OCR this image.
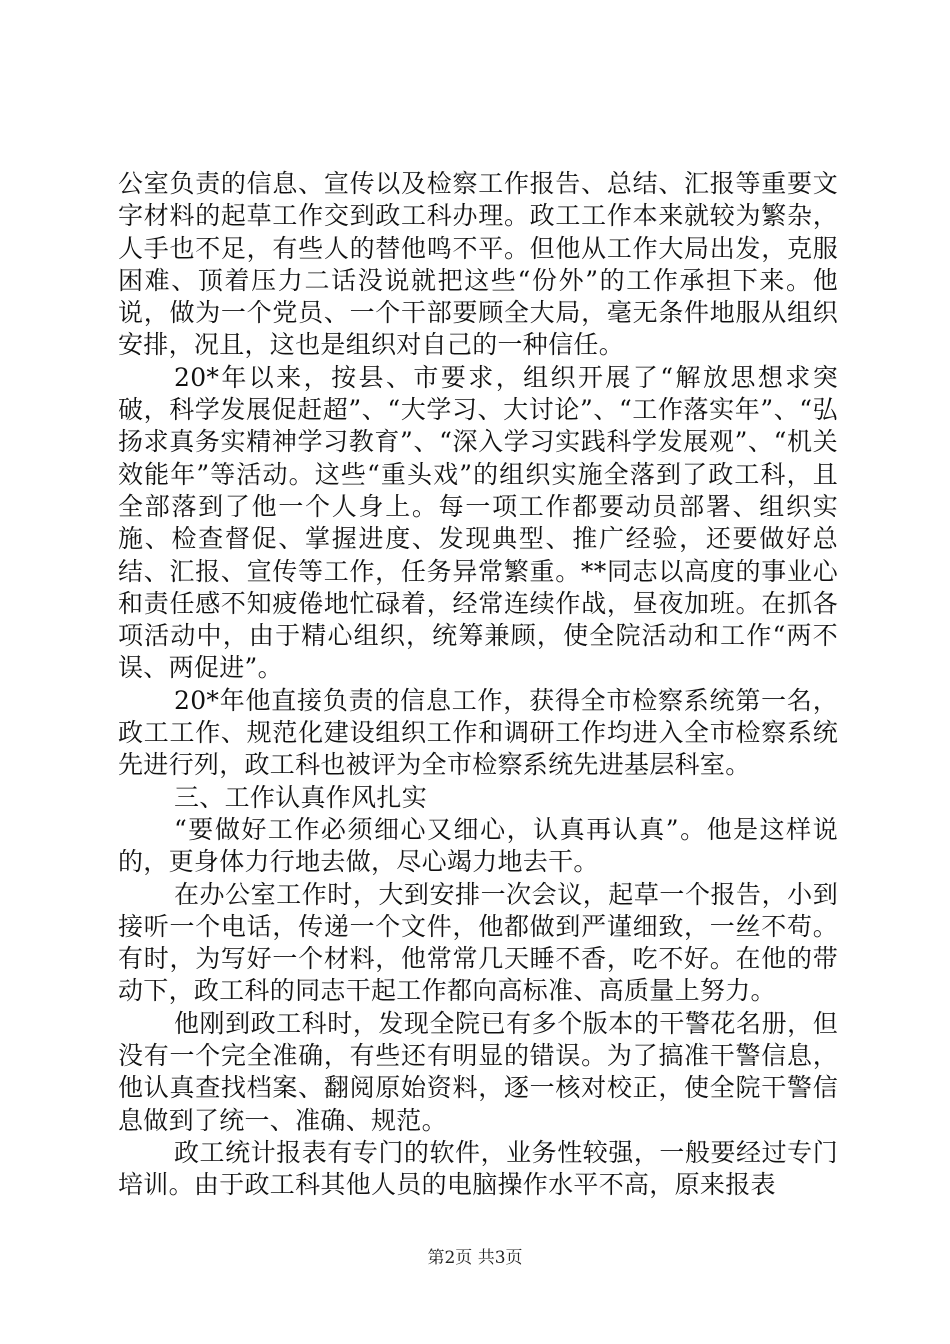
公室负责的信息、宣传以及检察工作报告、总结、汇报等重要文字材料的起草工作交到政工科办理。政工工作本来就较为繁杂，人手也不足，有些人的替他鸣不平。但他从工作大局出发，克服困难、顶着压力二话没说就把这些“份外”的工作承担下来。他说，做为一个党员、一个干部要顾全大局，毫无条件地服从组织安排，况且，这也是组织对自己的一种信任。

20*年以来，按县、市要求，组织开展了“解放思想求突破，科学发展促赶超”、“大学习、大讨论”、“工作落实年”、“弘扬求真务实精神学习教育”、“深入学习实践科学发展观”、“机关效能年”等活动。这些“重头戏”的组织实施全落到了政工科，且全部落到了他一个人身上。每一项工作都要动员部署、组织实施、检查督促、掌握进度、发现典型、推广经验，还要做好总结、汇报、宣传等工作，任务异常繁重。**同志以高度的事业心和责任感不知疲倦地忙碌着，经常连续作战，昼夜加班。在抓各项活动中，由于精心组织，统筹兼顾，使全院活动和工作“两不误、两促进”。

20*年他直接负责的信息工作，获得全市检察系统第一名，政工工作、规范化建设组织工作和调研工作均进入全市检察系统先进行列，政工科也被评为全市检察系统先进基层科室。

三、工作认真作风扎实

“要做好工作必须细心又细心，认真再认真”。他是这样说的，更身体力行地去做，尽心竭力地去干。

在办公室工作时，大到安排一次会议，起草一个报告，小到接听一个电话，传递一个文件，他都做到严谨细致，一丝不苟。有时，为写好一个材料，他常常几天睡不香，吃不好。在他的带动下，政工科的同志干起工作都向高标准、高质量上努力。

他刚到政工科时，发现全院已有多个版本的干警花名册，但没有一个完全准确，有些还有明显的错误。为了搞准干警信息，他认真查找档案、翻阅原始资料，逐一核对校正，使全院干警信息做到了统一、准确、规范。

政工统计报表有专门的软件，业务性较强，一般要经过专门培训。由于政工科其他人员的电脑操作水平不高，原来报表

第2页 共3页
